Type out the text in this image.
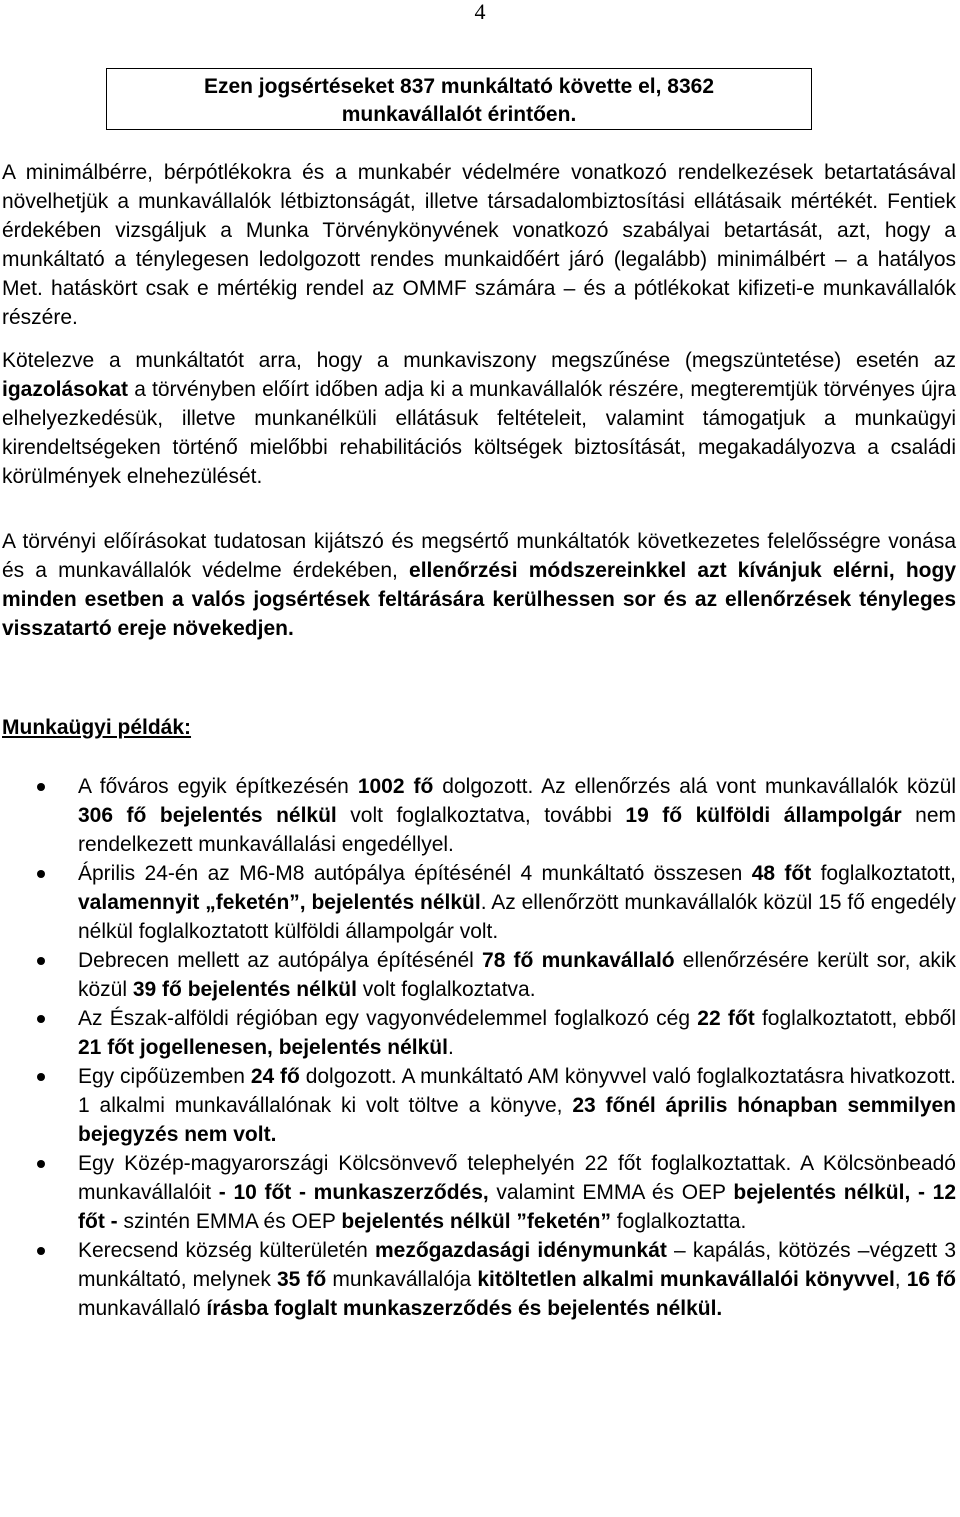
4
Ezen jogsértéseket 837 munkáltató követte el, 8362
munkavállalót érintően.

A minimálbérre, bérpótlékokra és a munkabér védelmére vonatkozó rendelkezések betartatásával növelhetjük a munkavállalók létbiztonságát, illetve társadalombiztosítási ellátásaik mértékét. Fentiek érdekében vizsgáljuk a Munka Törvénykönyvének vonatkozó szabályai betartását, azt, hogy a munkáltató a ténylegesen ledolgozott rendes munkaidőért járó (legalább) minimálbért – a hatályos Met. hatáskört csak e mértékig rendel az OMMF számára – és a pótlékokat kifizeti-e munkavállalók részére.

Kötelezve a munkáltatót arra, hogy a munkaviszony megszűnése (megszüntetése) esetén az igazolásokat a törvényben előírt időben adja ki a munkavállalók részére, megteremtjük törvényes újra elhelyezkedésük, illetve munkanélküli ellátásuk feltételeit, valamint támogatjuk a munkaügyi kirendeltségeken történő mielőbbi rehabilitációs költségek biztosítását, megakadályozva a családi körülmények elnehezülését.

A törvényi előírásokat tudatosan kijátszó és megsértő munkáltatók következetes felelősségre vonása és a munkavállalók védelme érdekében, ellenőrzési módszereinkkel azt kívánjuk elérni, hogy minden esetben a valós jogsértések feltárására kerülhessen sor és az ellenőrzések tényleges visszatartó ereje növekedjen.

Munkaügyi példák:

A főváros egyik építkezésén 1002 fő dolgozott. Az ellenőrzés alá vont munkavállalók közül 306 fő bejelentés nélkül volt foglalkoztatva, további 19 fő külföldi állampolgár nem rendelkezett munkavállalási engedéllyel.
Április 24-én az M6-M8 autópálya építésénél 4 munkáltató összesen 48 főt foglalkoztatott, valamennyit „feketén”, bejelentés nélkül. Az ellenőrzött munkavállalók közül 15 fő engedély nélkül foglalkoztatott külföldi állampolgár volt.
Debrecen mellett az autópálya építésénél 78 fő munkavállaló ellenőrzésére került sor, akik közül 39 fő bejelentés nélkül volt foglalkoztatva.
Az Észak-alföldi régióban egy vagyonvédelemmel foglalkozó cég 22 főt foglalkoztatott, ebből 21 főt jogellenesen, bejelentés nélkül.
Egy cipőüzemben 24 fő dolgozott. A munkáltató AM könyvvel való foglalkoztatásra hivatkozott. 1 alkalmi munkavállalónak ki volt töltve a könyve, 23 főnél április hónapban semmilyen bejegyzés nem volt.
Egy Közép-magyarországi Kölcsönvevő telephelyén 22 főt foglalkoztattak. A Kölcsönbeadó munkavállalóit - 10 főt - munkaszerződés, valamint EMMA és OEP bejelentés nélkül, - 12 főt - szintén EMMA és OEP bejelentés nélkül ”feketén” foglalkoztatta.
Kerecsend község külterületén mezőgazdasági idénymunkát – kapálás, kötözés –végzett 3 munkáltató, melynek 35 fő munkavállalója kitöltetlen alkalmi munkavállalói könyvvel, 16 fő munkavállaló írásba foglalt munkaszerződés és bejelentés nélkül.
